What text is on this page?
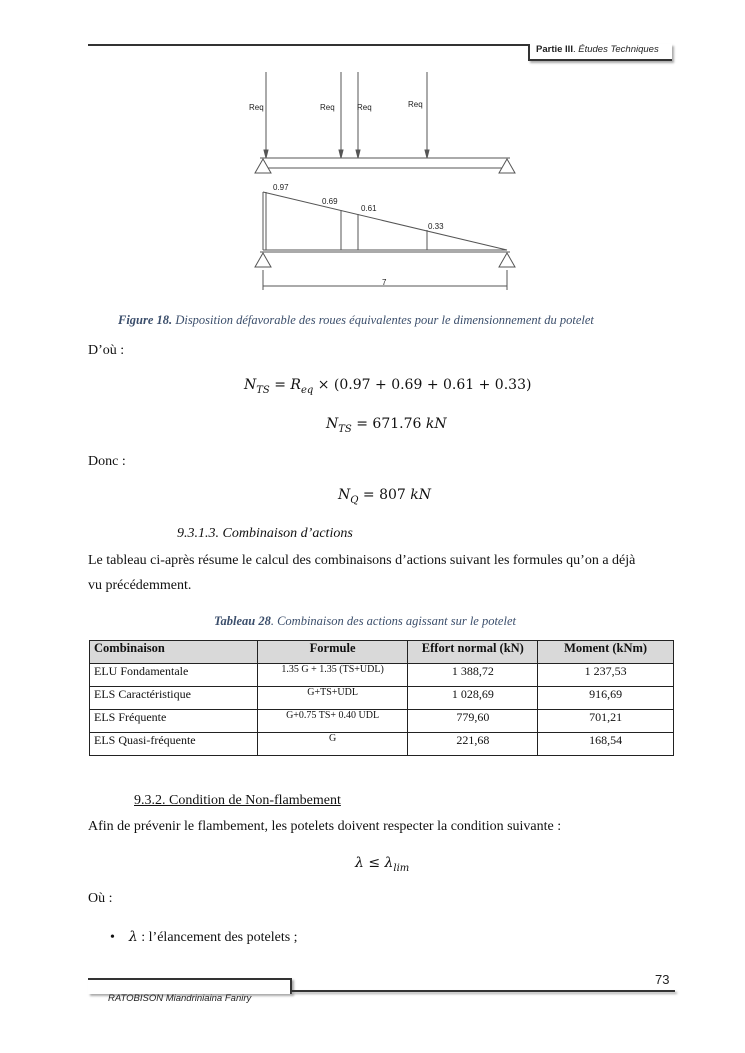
Partie III. Études Techniques
Req	Req	Req	Req
0.97
0.69
0.61
0.33
7
Figure 18. Disposition défavorable des roues équivalentes pour le dimensionnement du potelet
D’où :
$N_{TS} = R_{eq} \times (0.97 + 0.69 + 0.61 + 0.33)$
$N_{TS} = 671.76$ kN
Donc :
$N_Q = 807$ kN
9.3.1.3. Combinaison d’actions
Le tableau ci-après résume le calcul des combinaisons d’actions suivant les formules qu’on a déjà
vu précédemment.
Tableau 28. Combinaison des actions agissant sur le potelet
Combinaison	Formule	Effort normal (kN)	Moment (kNm)
ELU Fondamentale	1.35 G + 1.35 (TS+UDL)	1 388,72	1 237,53
ELS Caractéristique	G+TS+UDL	1 028,69	916,69
ELS Fréquente	G+0.75 TS+ 0.40 UDL	779,60	701,21
ELS Quasi-fréquente	G	221,68	168,54
9.3.2. Condition de Non-flambement
Afin de prévenir le flambement, les potelets doivent respecter la condition suivante :
$\lambda \le \lambda_{lim}$
Où :
• λ : l’élancement des potelets ;
73
RATOBISON Miandriniaina Faniry
